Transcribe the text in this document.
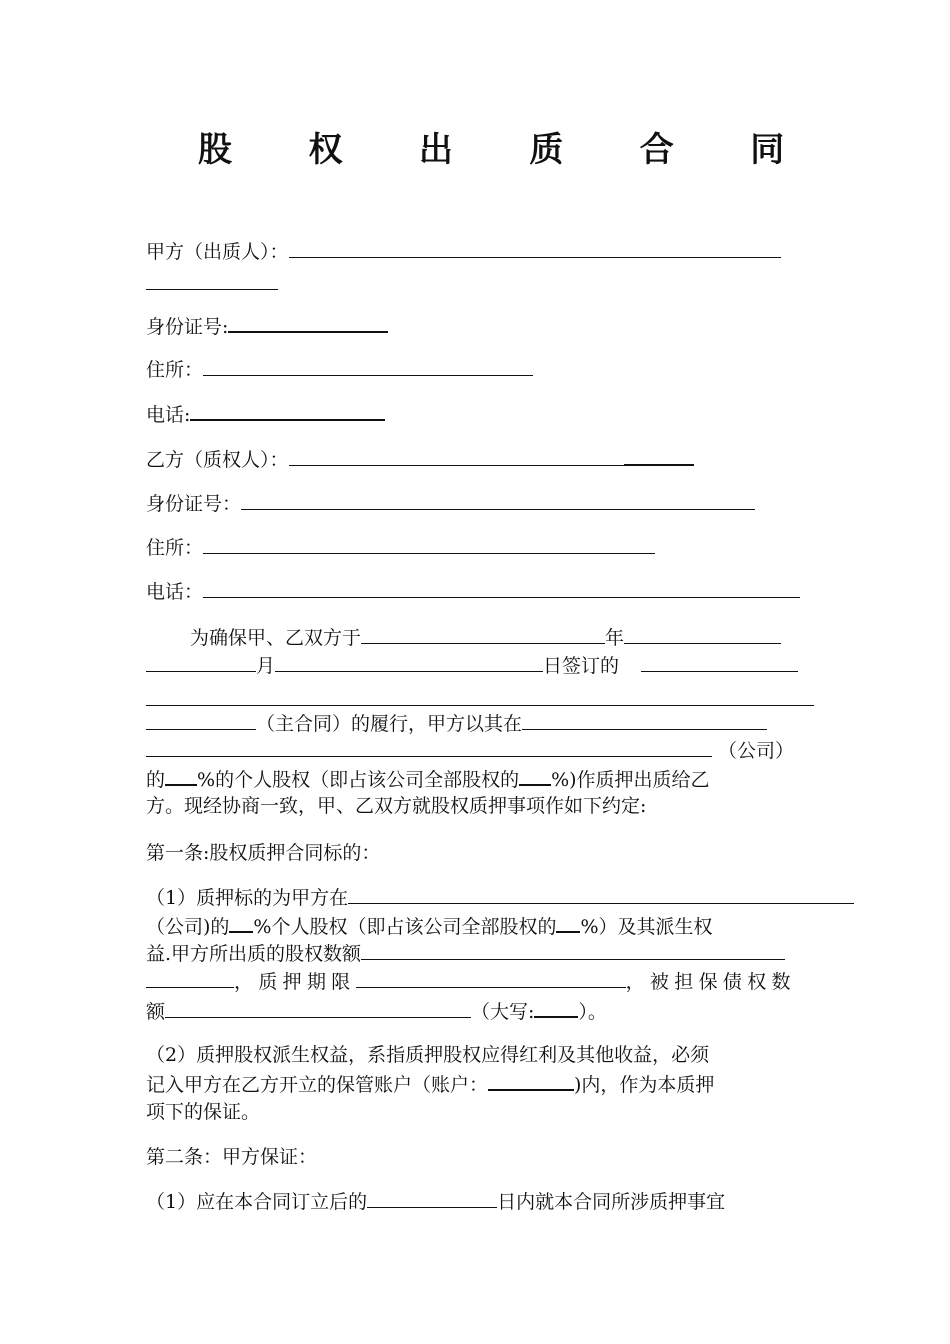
股 权 出 质 合 同
甲方（出质人）：
身份证号:
住所：
电话:
乙方（质权人）：
身份证号：
住所：
电话：
为确保甲、乙双方于	年
月	日签订的
（主合同）的履行，甲方以其在
（公司）
的 %的个人股权（即占该公司全部股权的 %)作质押出质给乙
方。现经协商一致，甲、乙双方就股权质押事项作如下约定:
第一条:股权质押合同标的：
（1）质押标的为甲方在
（公司)的 %个人股权（即占该公司全部股权的 %）及其派生权
益.甲方所出质的股权数额
，质押期限	，被担保债权数
额	（大写: ）。
（2）质押股权派生权益，系指质押股权应得红利及其他收益，必须
记入甲方在乙方开立的保管账户（账户：	)内，作为本质押
项下的保证。
第二条：甲方保证：
（1）应在本合同订立后的	日内就本合同所涉质押事宜
